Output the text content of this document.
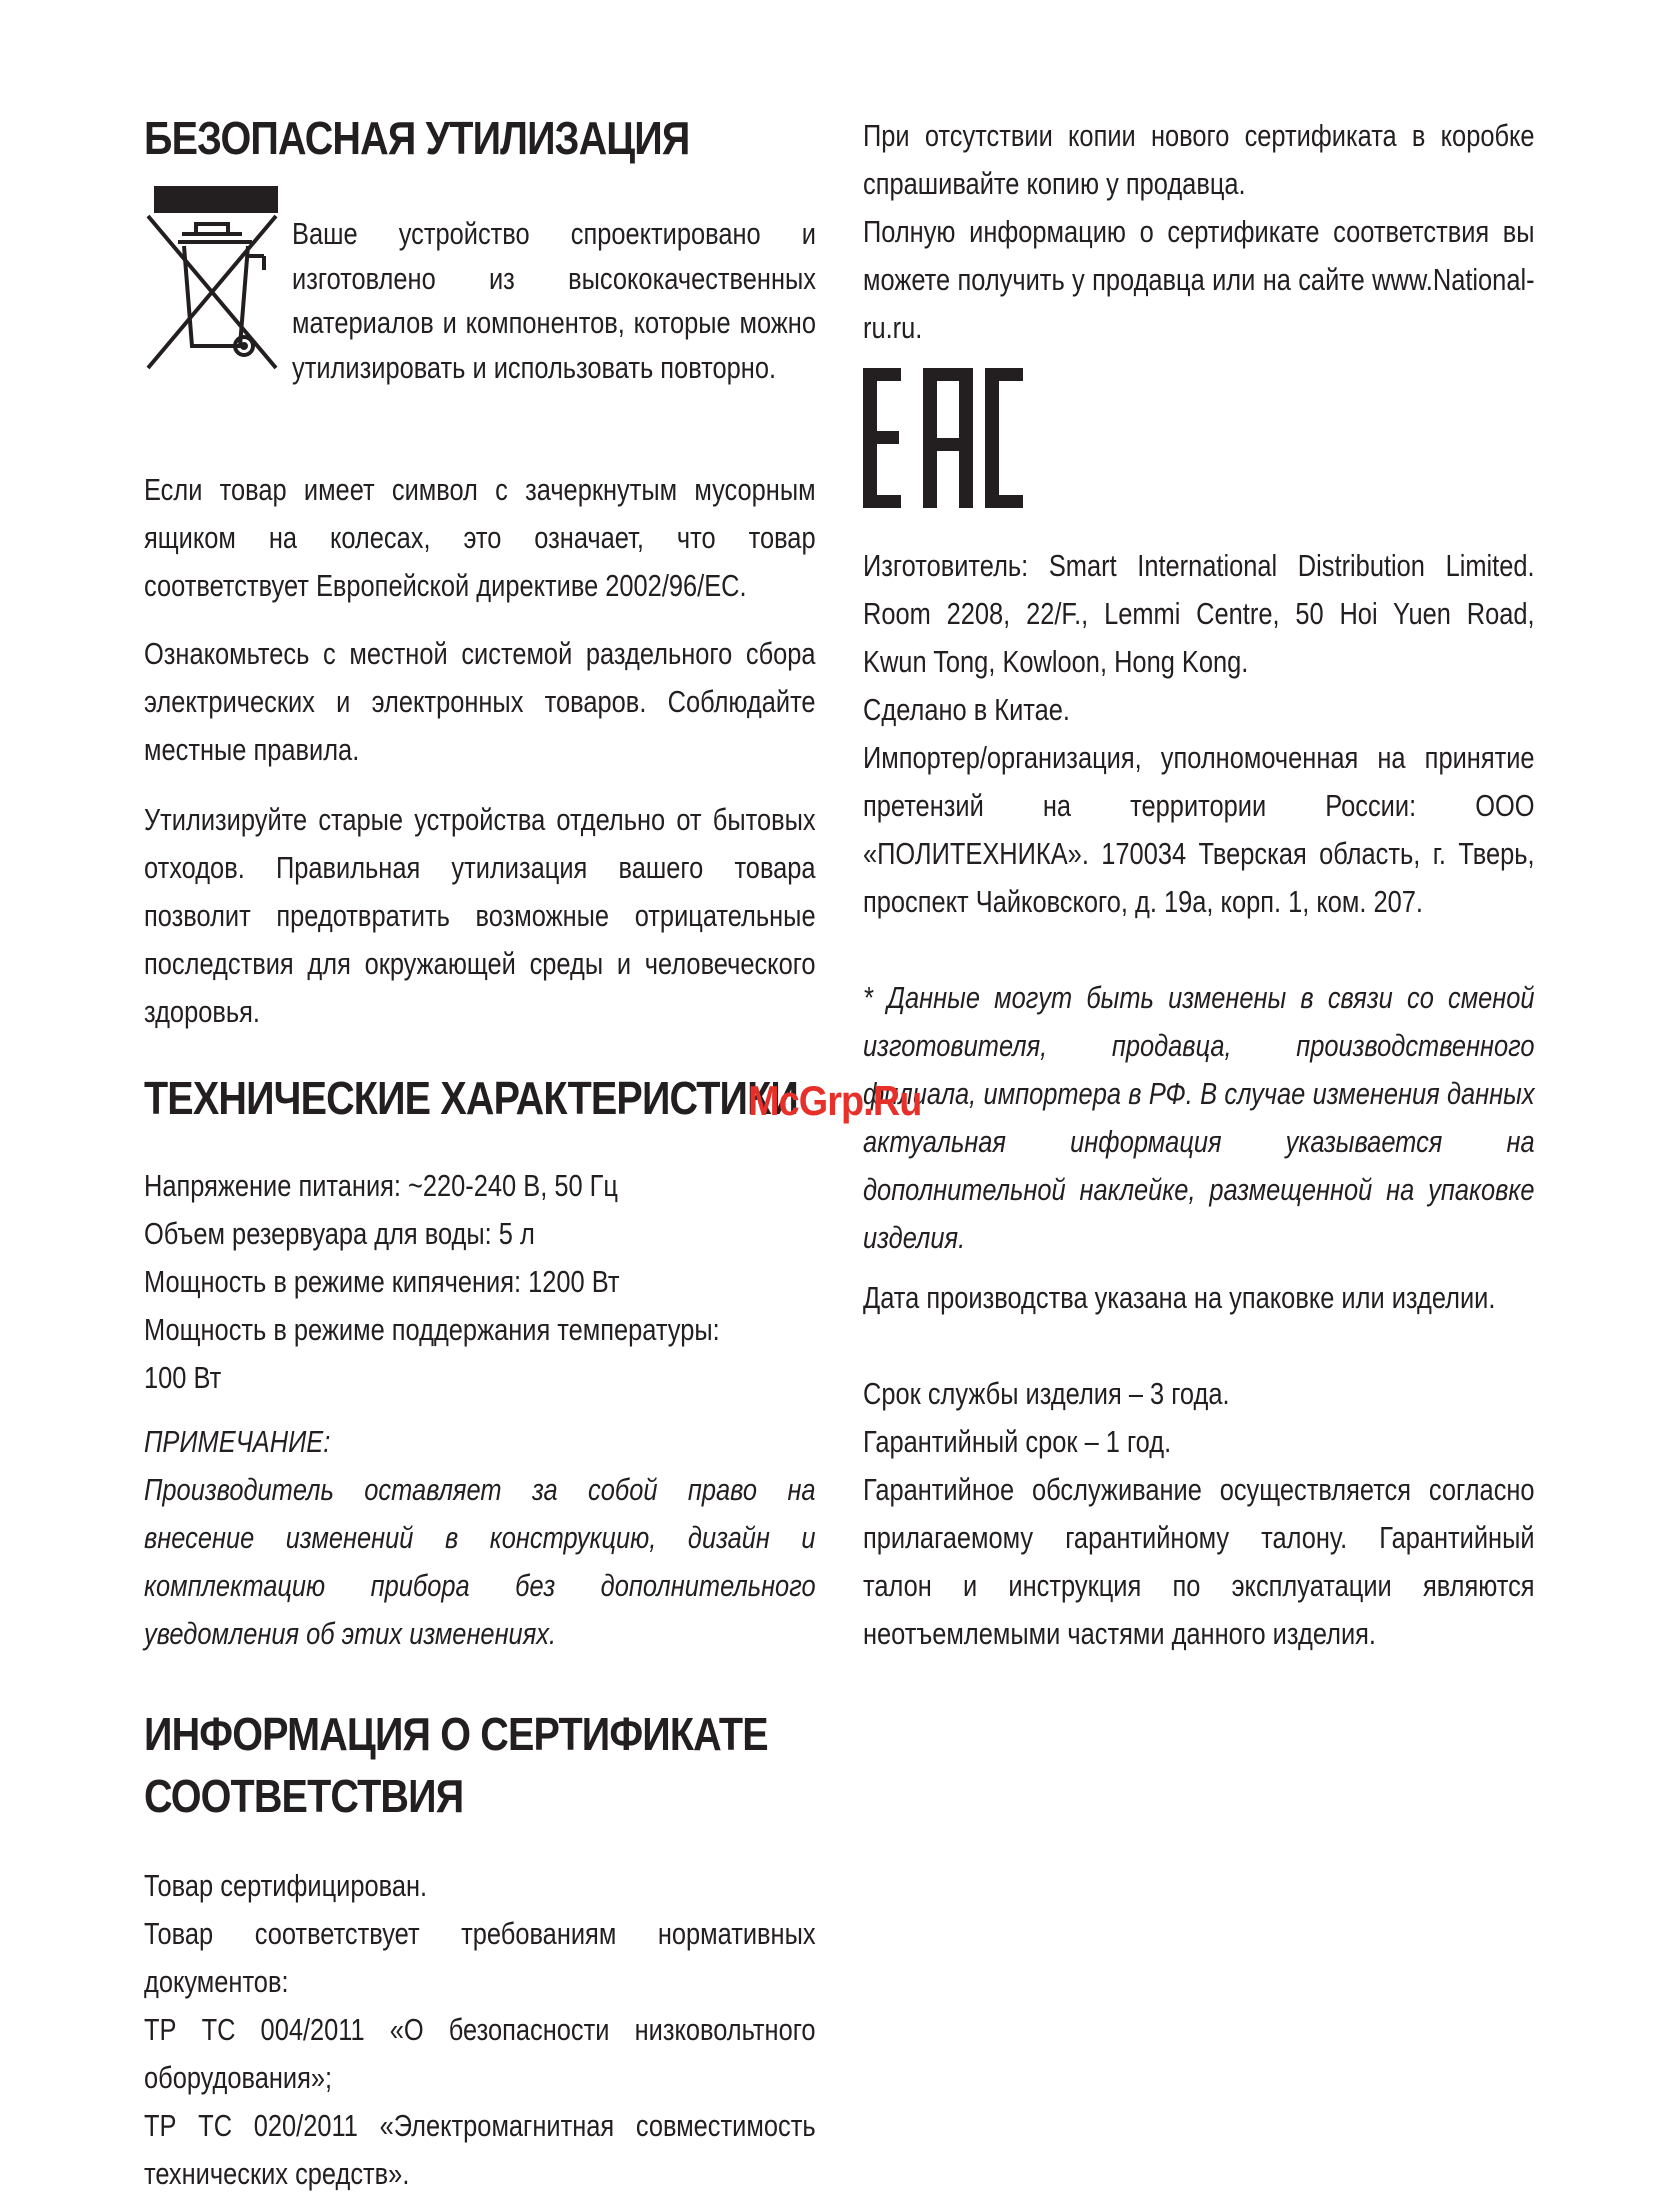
БЕЗОПАСНАЯ УТИЛИЗАЦИЯ

Ваше устройство спроектировано и изготовлено из высококачественных материалов и компонентов, которые можно утилизировать и использовать повторно.

Если товар имеет символ с зачеркнутым мусорным ящиком на колесах, это означает, что товар соответствует Европейской директиве 2002/96/EC.

Ознакомьтесь с местной системой раздельного сбора электрических и электронных товаров. Соблюдайте местные правила.

Утилизируйте старые устройства отдельно от бытовых отходов. Правильная утилизация вашего товара позволит предотвратить возможные отрицательные последствия для окружающей среды и человеческого здоровья.

ТЕХНИЧЕСКИЕ ХАРАКТЕРИСТИКИ

Напряжение питания: ~220-240 В, 50 Гц

Объем резервуара для воды: 5 л

Мощность в режиме кипячения: 1200 Вт

Мощность в режиме поддержания температуры: 100 Вт

ПРИМЕЧАНИЕ:

Производитель оставляет за собой право на внесение изменений в конструкцию, дизайн и комплектацию прибора без дополнительного уведомления об этих изменениях.

ИНФОРМАЦИЯ О СЕРТИФИКАТЕ
СООТВЕТСТВИЯ

Товар сертифицирован.

Товар соответствует требованиям нормативных документов:

ТР ТС 004/2011 «О безопасности низковольтного оборудования»;

ТР ТС 020/2011 «Электромагнитная совместимость технических средств».

При отсутствии копии нового сертификата в коробке спрашивайте копию у продавца.

Полную информацию о сертификате соответствия вы можете получить у продавца или на сайте www.National-ru.ru.

Изготовитель: Smart International Distribution Limited. Room 2208, 22/F., Lemmi Centre, 50 Hoi Yuen Road, Kwun Tong, Kowloon, Hong Kong.

Сделано в Китае.

Импортер/организация, уполномоченная на принятие претензий на территории России: ООО «ПОЛИТЕХНИКА». 170034 Тверская область, г. Тверь, проспект Чайковского, д. 19а, корп. 1, ком. 207.

* Данные могут быть изменены в связи со сменой изготовителя, продавца, производственного филиала, импортера в РФ. В случае изменения данных актуальная информация указывается на дополнительной наклейке, размещенной на упаковке изделия.

Дата производства указана на упаковке или изделии.

Срок службы изделия – 3 года.

Гарантийный срок – 1 год.

Гарантийное обслуживание осуществляется согласно прилагаемому гарантийному талону. Гарантийный талон и инструкция по эксплуатации являются неотъемлемыми частями данного изделия.

McGrp.Ru
